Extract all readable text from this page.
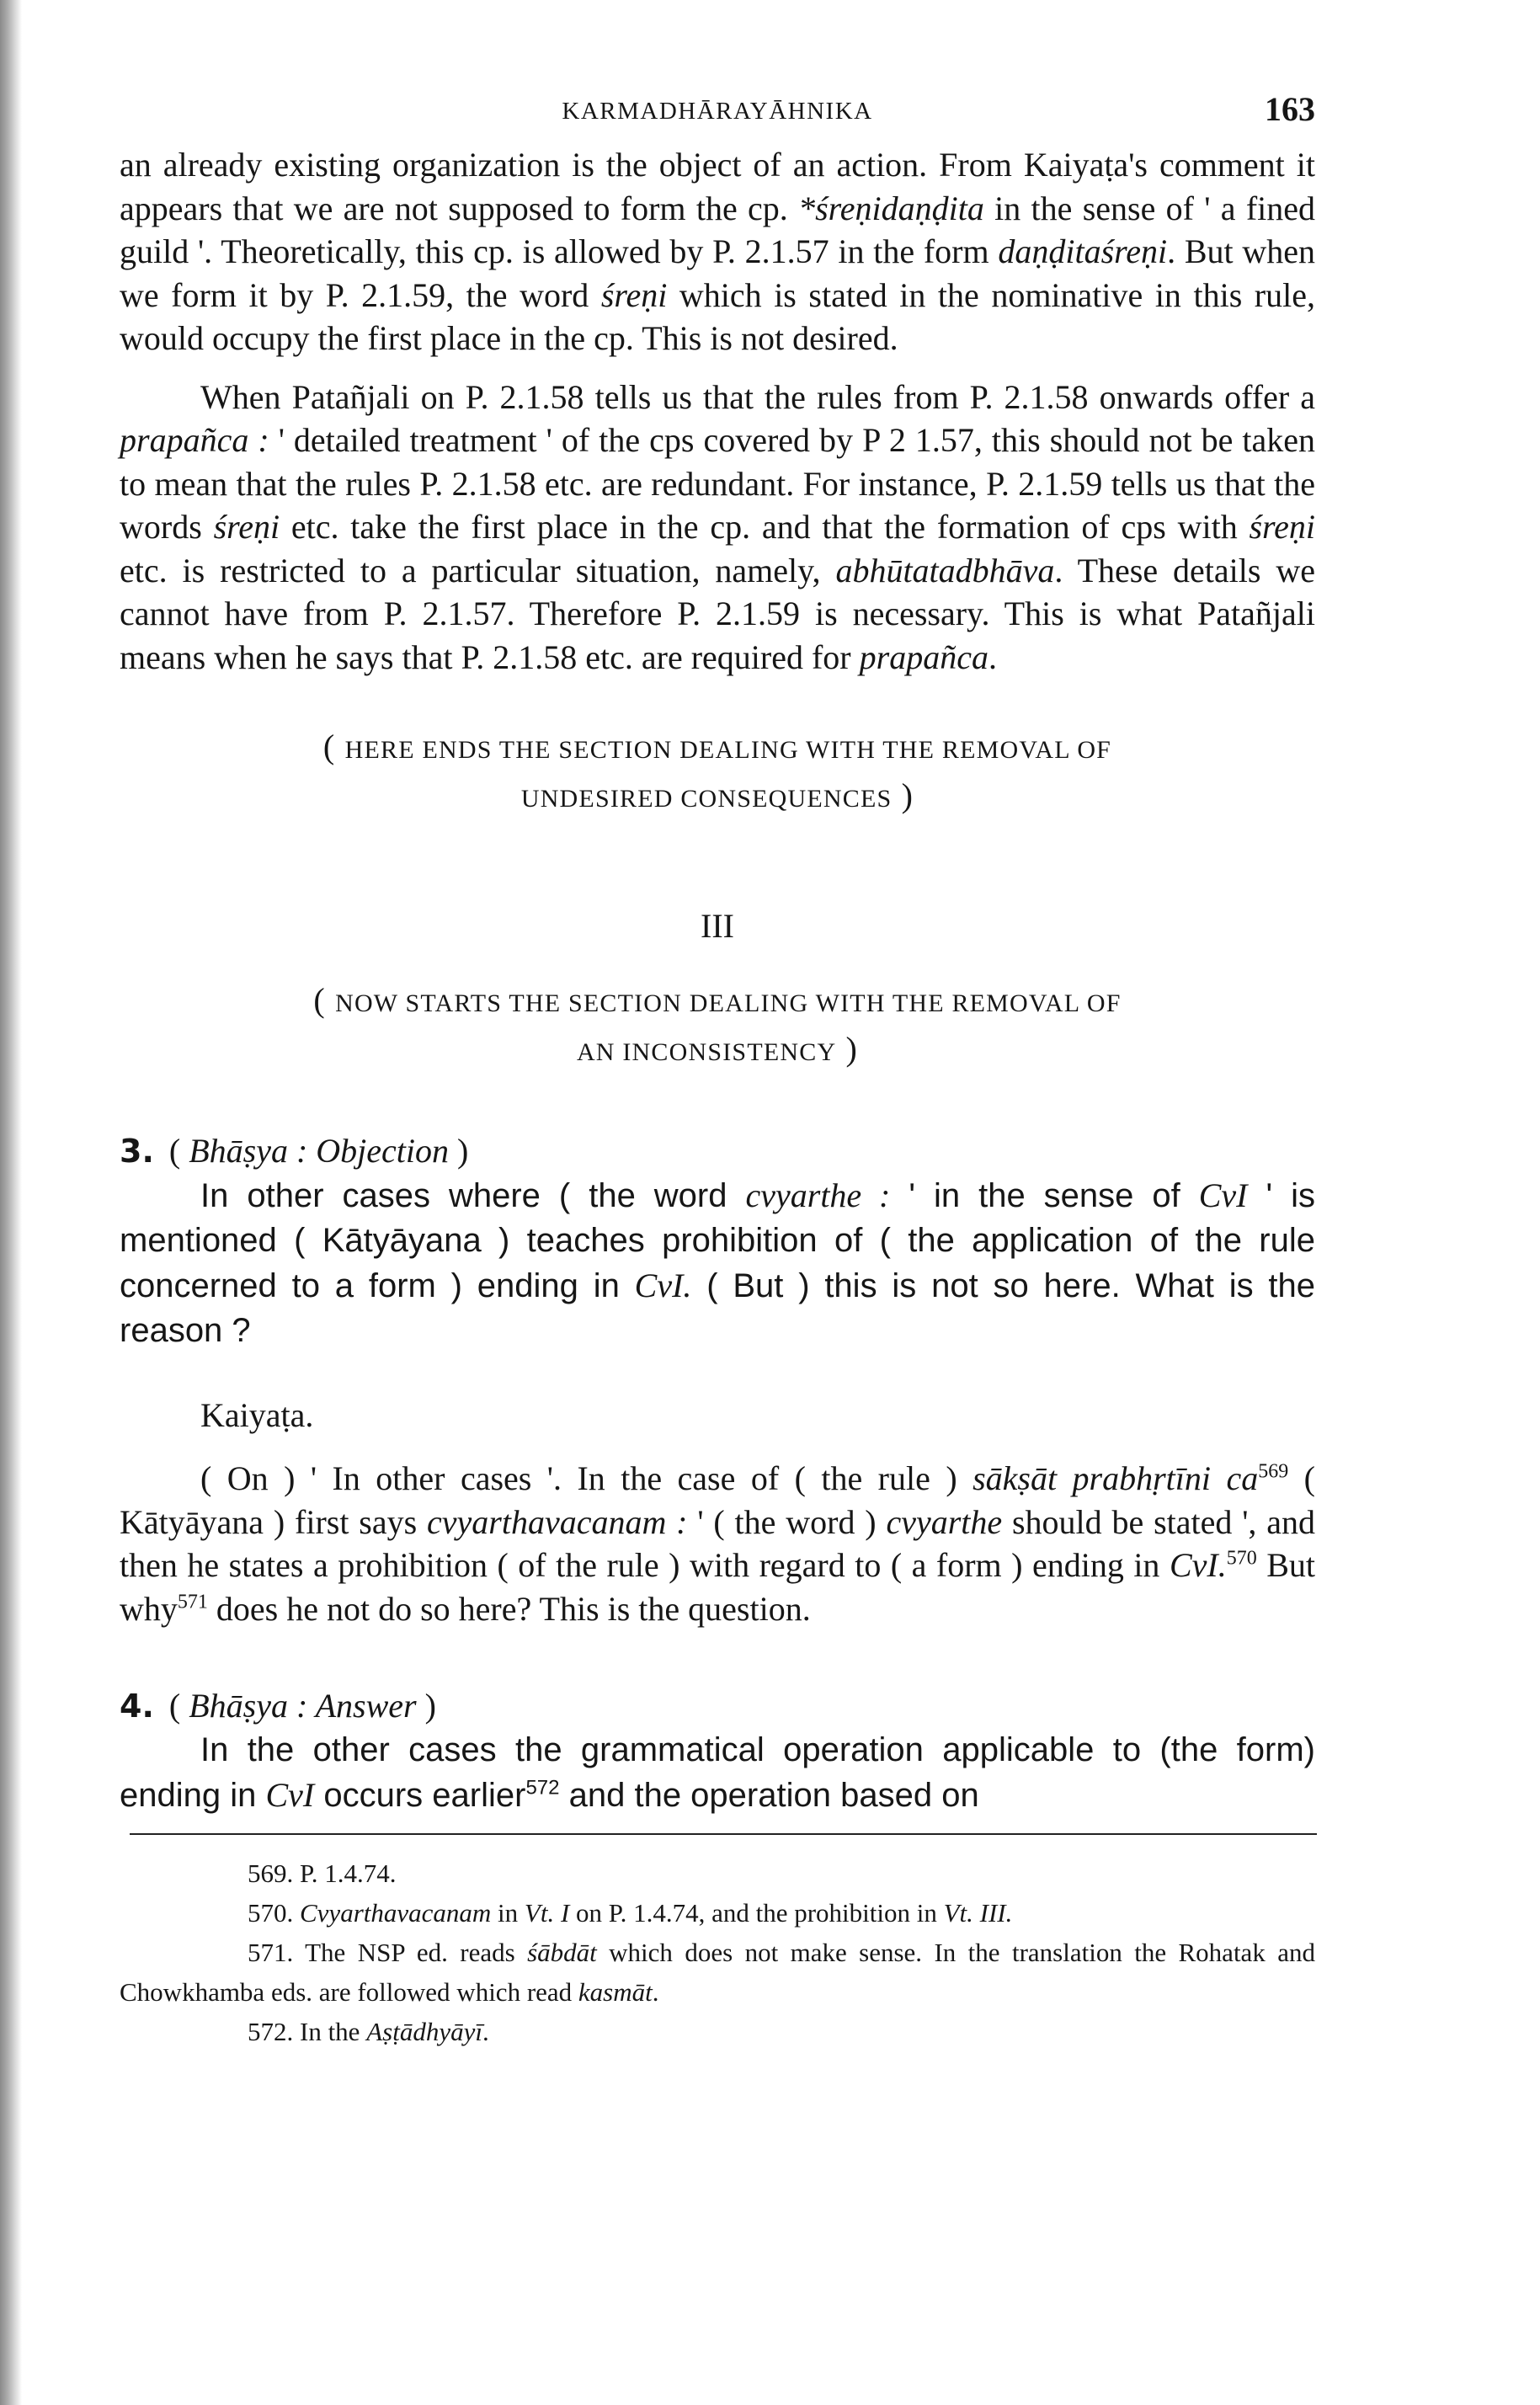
KARMADHĀRAYĀHNIKA	163

an already existing organization is the object of an action. From Kaiyaṭa's comment it appears that we are not supposed to form the cp. *śreṇidaṇḍita in the sense of ' a fined guild '. Theoretically, this cp. is allowed by P. 2.1.57 in the form daṇḍitaśreṇi. But when we form it by P. 2.1.59, the word śreṇi which is stated in the nominative in this rule, would occupy the first place in the cp. This is not desired.

When Patañjali on P. 2.1.58 tells us that the rules from P. 2.1.58 onwards offer a prapañca : ' detailed treatment ' of the cps covered by P 2 1.57, this should not be taken to mean that the rules P. 2.1.58 etc. are redundant. For instance, P. 2.1.59 tells us that the words śreṇi etc. take the first place in the cp. and that the formation of cps with śreṇi etc. is restricted to a particular situation, namely, abhūtatadbhāva. These details we cannot have from P. 2.1.57. Therefore P. 2.1.59 is necessary. This is what Patañjali means when he says that P. 2.1.58 etc. are required for prapañca.

( HERE ENDS THE SECTION DEALING WITH THE REMOVAL OF

UNDESIRED CONSEQUENCES )

III

( NOW STARTS THE SECTION DEALING WITH THE REMOVAL OF

AN INCONSISTENCY )

3. ( Bhāṣya : Objection )

In other cases where ( the word cvyarthe : ' in the sense of CvI ' is mentioned ( Kātyāyana ) teaches prohibition of ( the application of the rule concerned to a form ) ending in CvI. ( But ) this is not so here. What is the reason ?

Kaiyaṭa.

( On ) ' In other cases '. In the case of ( the rule ) sākṣāt prabhṛtīni $ca^{569}$ ( Kātyāyana ) first says cvyarthavacanam : ' ( the word ) cvyarthe should be stated ', and then he states a prohibition ( of the rule ) with regard to ( a form ) ending in CvI.$^{570}$ But why$^{571}$ does he not do so here? This is the question.

4. ( Bhāṣya : Answer )

In the other cases the grammatical operation applicable to (the form) ending in CvI occurs earlier$^{572}$ and the operation based on

569. P. 1.4.74.

570. Cvyarthavacanam in Vt. I on P. 1.4.74, and the prohibition in Vt. III.

571. The NSP ed. reads śābdāt which does not make sense. In the translation the Rohatak and Chowkhamba eds. are followed which read kasmāt.

572. In the Aṣṭādhyāyī.
